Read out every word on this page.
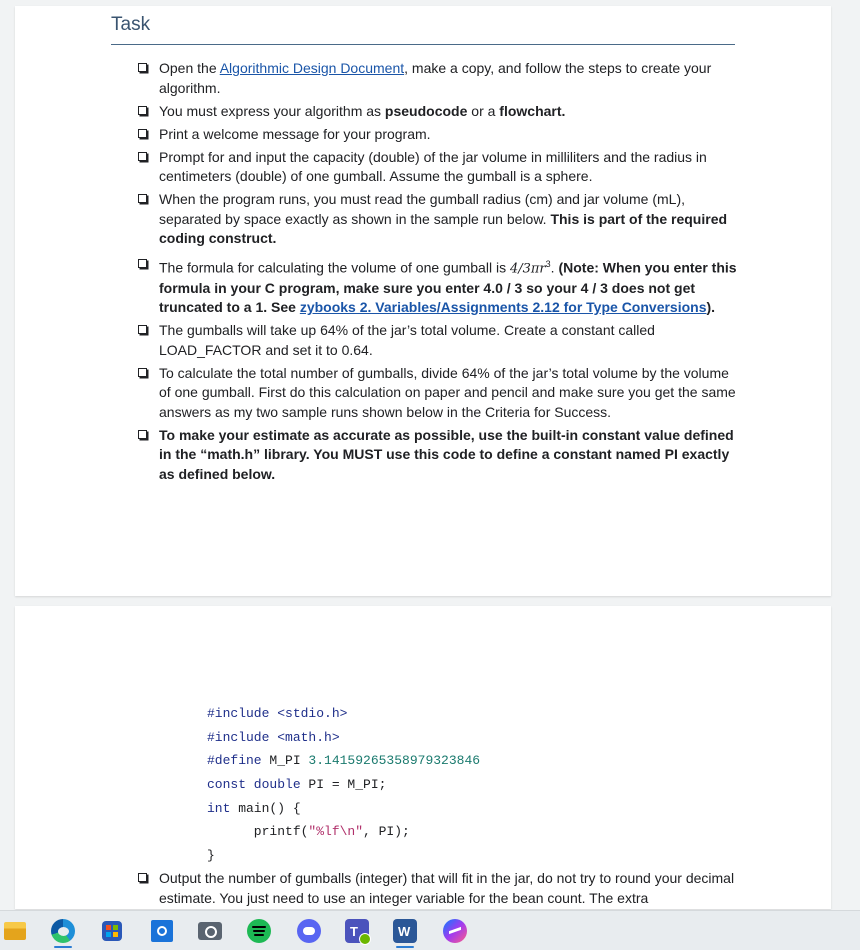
Task
Open the Algorithmic Design Document, make a copy, and follow the steps to create your algorithm.
You must express your algorithm as pseudocode or a flowchart.
Print a welcome message for your program.
Prompt for and input the capacity (double) of the jar volume in milliliters and the radius in centimeters (double) of one gumball. Assume the gumball is a sphere.
When the program runs, you must read the gumball radius (cm) and jar volume (mL), separated by space exactly as shown in the sample run below. This is part of the required coding construct.
The formula for calculating the volume of one gumball is $4/3\pi r^3$. (Note: When you enter this formula in your C program, make sure you enter 4.0 / 3 so your 4 / 3 does not get truncated to a 1. See zybooks 2. Variables/Assignments 2.12 for Type Conversions).
The gumballs will take up 64% of the jar’s total volume. Create a constant called LOAD_FACTOR and set it to 0.64.
To calculate the total number of gumballs, divide 64% of the jar’s total volume by the volume of one gumball. First do this calculation on paper and pencil and make sure you get the same answers as my two sample runs shown below in the Criteria for Success.
To make your estimate as accurate as possible, use the built-in constant value defined in the “math.h” library. You MUST use this code to define a constant named PI exactly as defined below.
#include <stdio.h>
#include <math.h>
#define M_PI 3.14159265358979323846
const double PI = M_PI;
int main() {
printf("%lf\n", PI);
}
Output the number of gumballs (integer) that will fit in the jar, do not try to round your decimal estimate. You just need to use an integer variable for the bean count. The extra
T	W
